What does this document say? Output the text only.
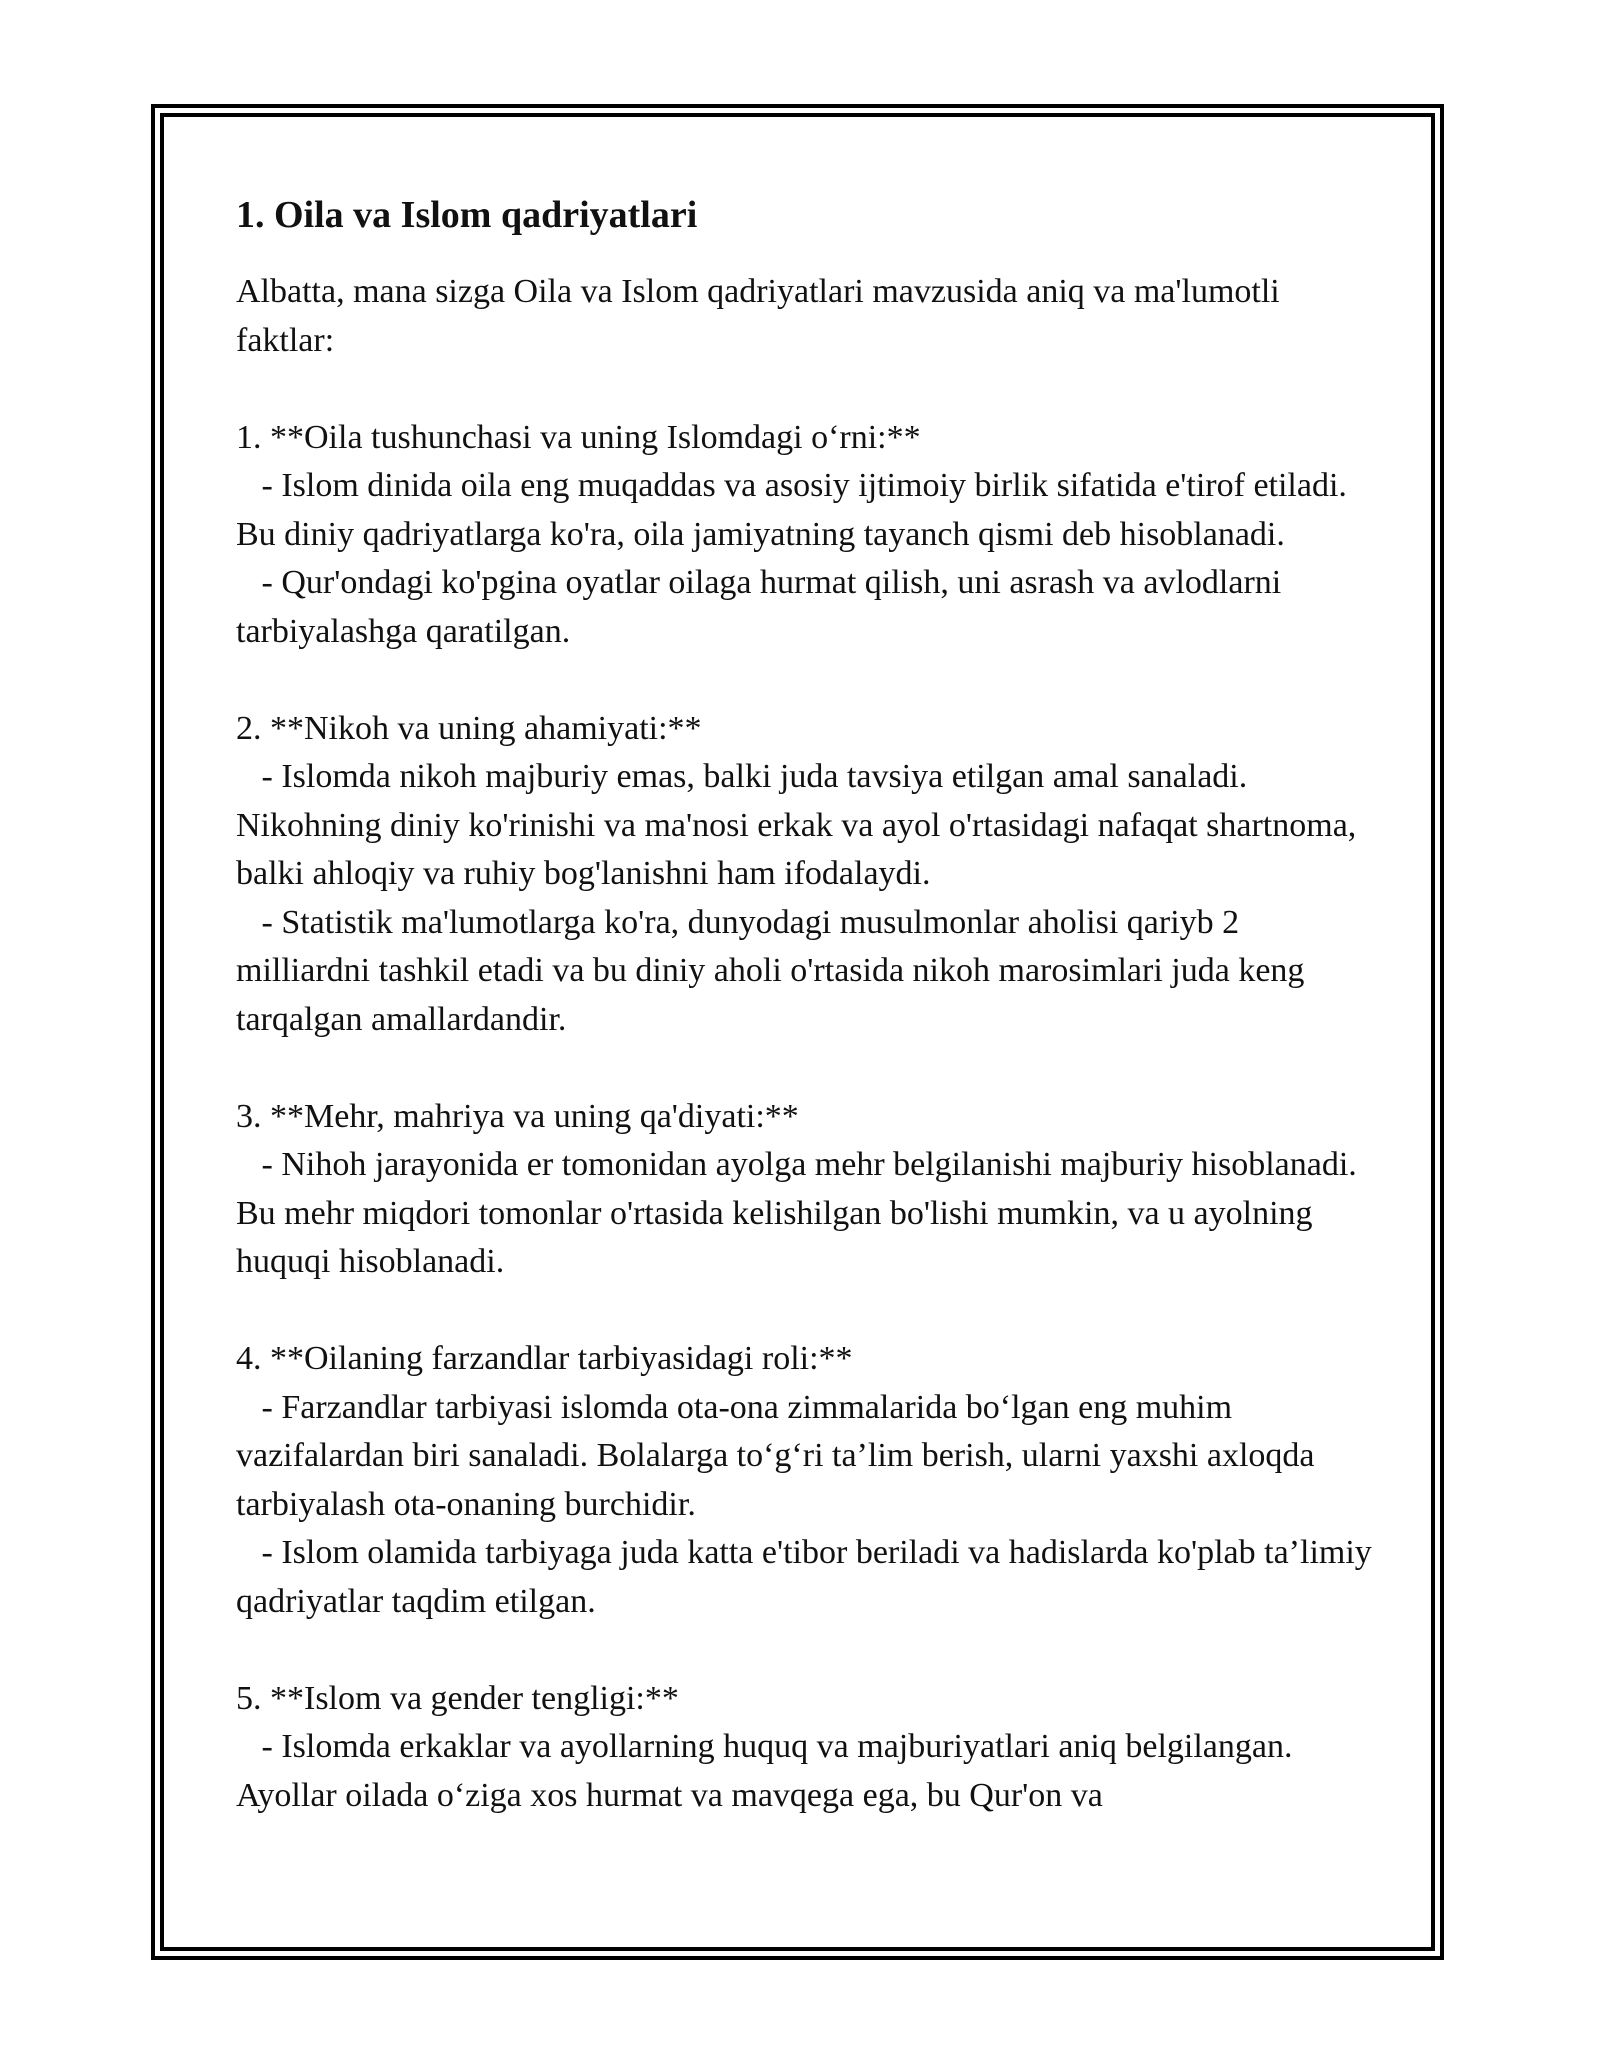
1. Oila va Islom qadriyatlari

Albatta, mana sizga Oila va Islom qadriyatlari mavzusida aniq va ma'lumotli faktlar:

1. **Oila tushunchasi va uning Islomdagi o‘rni:**
- Islom dinida oila eng muqaddas va asosiy ijtimoiy birlik sifatida e'tirof etiladi. Bu diniy qadriyatlarga ko'ra, oila jamiyatning tayanch qismi deb hisoblanadi.
- Qur'ondagi ko'pgina oyatlar oilaga hurmat qilish, uni asrash va avlodlarni tarbiyalashga qaratilgan.
2. **Nikoh va uning ahamiyati:**
- Islomda nikoh majburiy emas, balki juda tavsiya etilgan amal sanaladi. Nikohning diniy ko'rinishi va ma'nosi erkak va ayol o'rtasidagi nafaqat shartnoma, balki ahloqiy va ruhiy bog'lanishni ham ifodalaydi.
- Statistik ma'lumotlarga ko'ra, dunyodagi musulmonlar aholisi qariyb 2 milliardni tashkil etadi va bu diniy aholi o'rtasida nikoh marosimlari juda keng tarqalgan amallardandir.
3. **Mehr, mahriya va uning qa'diyati:**
- Nihoh jarayonida er tomonidan ayolga mehr belgilanishi majburiy hisoblanadi. Bu mehr miqdori tomonlar o'rtasida kelishilgan bo'lishi mumkin, va u ayolning huquqi hisoblanadi.
4. **Oilaning farzandlar tarbiyasidagi roli:**
- Farzandlar tarbiyasi islomda ota-ona zimmalarida bo‘lgan eng muhim vazifalardan biri sanaladi. Bolalarga to‘g‘ri ta’lim berish, ularni yaxshi axloqda tarbiyalash ota-onaning burchidir.
- Islom olamida tarbiyaga juda katta e'tibor beriladi va hadislarda ko'plab ta’limiy qadriyatlar taqdim etilgan.
5. **Islom va gender tengligi:**
- Islomda erkaklar va ayollarning huquq va majburiyatlari aniq belgilangan. Ayollar oilada o‘ziga xos hurmat va mavqega ega, bu Qur'on va
